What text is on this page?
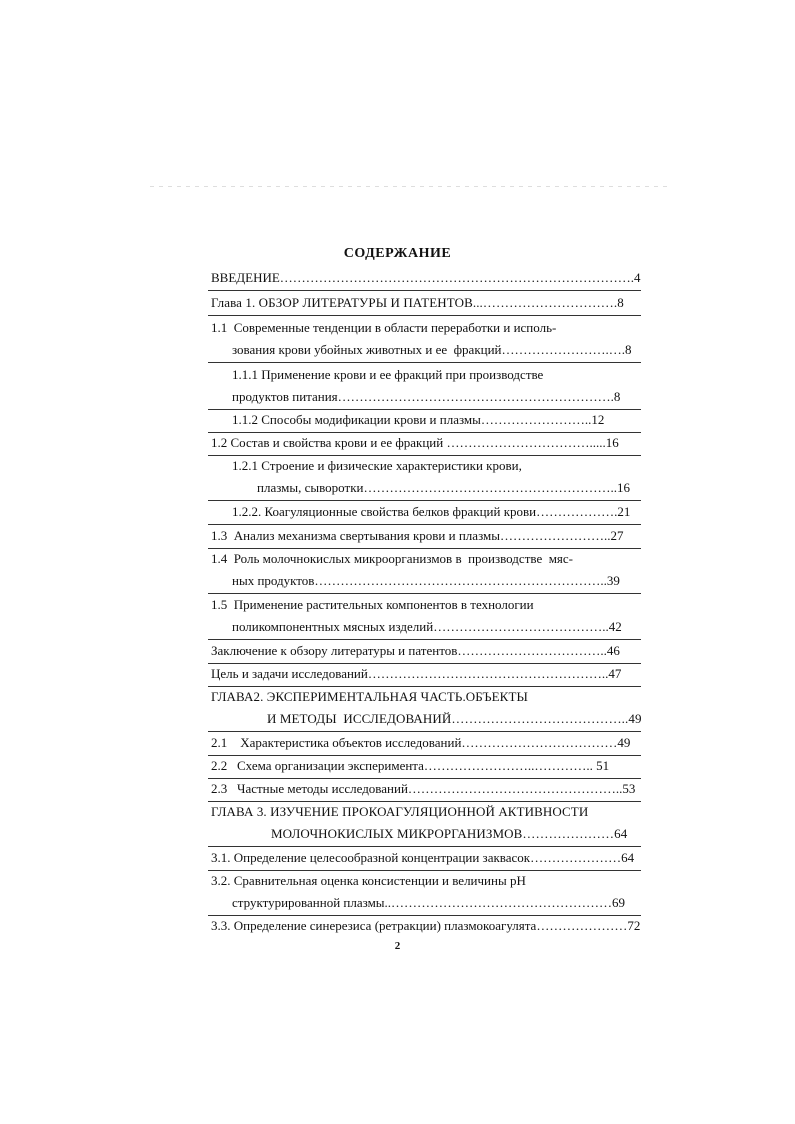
СОДЕРЖАНИЕ
ВВЕДЕНИЕ……………………………………………………………………….4
Глава 1. ОБЗОР ЛИТЕРАТУРЫ И ПАТЕНТОВ...………………………….8
1.1  Современные тенденции в области переработки и исполь-
зования крови убойных животных и ее  фракций…………………….….8
1.1.1 Применение крови и ее фракций при производстве
продуктов питания……………………………………………………….8
1.1.2 Способы модификации крови и плазмы……………………..12
1.2 Состав и свойства крови и ее фракций …………………………….....16
1.2.1 Строение и физические характеристики крови,
плазмы, сыворотки…………………………………………………..16
1.2.2. Коагуляционные свойства белков фракций крови……………….21
1.3  Анализ механизма свертывания крови и плазмы……………………..27
1.4  Роль молочнокислых микроорганизмов в  производстве  мяс-
ных продуктов…………………………………………………………..39
1.5  Применение растительных компонентов в технологии
поликомпонентных мясных изделий…………………………………..42
Заключение к обзору литературы и патентов……………………………..46
Цель и задачи исследований………………………………………………..47
ГЛАВА2. ЭКСПЕРИМЕНТАЛЬНАЯ ЧАСТЬ.ОБЪЕКТЫ
И МЕТОДЫ  ИССЛЕДОВАНИЙ…………………………………..49
2.1    Характеристика объектов исследований………………………………49
2.2   Схема организации эксперимента……………………..………….. 51
2.3   Частные методы исследований…………………………………………..53
ГЛАВА 3. ИЗУЧЕНИЕ ПРОКОАГУЛЯЦИОННОЙ АКТИВНОСТИ
МОЛОЧНОКИСЛЫХ МИКРОРГАНИЗМОВ…………………64
3.1. Определение целесообразной концентрации заквасок…………………64
3.2. Сравнительная оценка консистенции и величины pH
структурированной плазмы..……………………………………………69
3.3. Определение синерезиса (ретракции) плазмокоагулята…………………72
2
